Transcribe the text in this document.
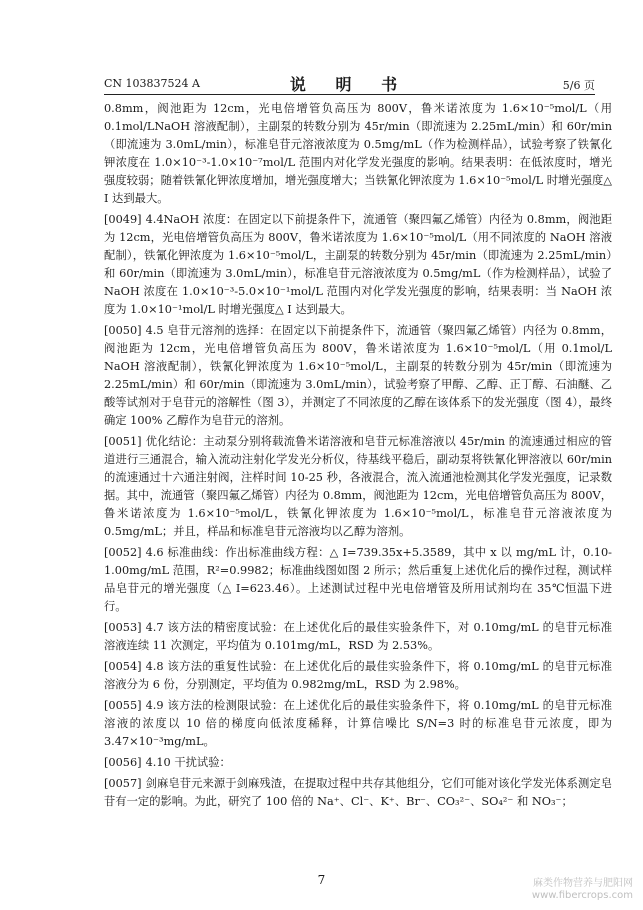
CN 103837524 A	说 明 书	5/6 页

0.8mm，阀池距为 12cm，光电倍增管负高压为 800V，鲁米诺浓度为 1.6×10⁻⁵mol/L（用 0.1mol/LNaOH 溶液配制），主副泵的转数分别为 45r/min（即流速为 2.25mL/min）和 60r/min（即流速为 3.0mL/min），标准皂苷元溶液浓度为 0.5mg/mL（作为检测样品），试验考察了铁氰化钾浓度在 1.0×10⁻³-1.0×10⁻⁷mol/L 范围内对化学发光强度的影响。结果表明：在低浓度时，增光强度较弱；随着铁氰化钾浓度增加，增光强度增大；当铁氰化钾浓度为 1.6×10⁻⁵mol/L 时增光强度△ I 达到最大。

[0049] 4.4NaOH 浓度：在固定以下前提条件下，流通管（聚四氟乙烯管）内径为 0.8mm，阀池距为 12cm，光电倍增管负高压为 800V，鲁米诺浓度为 1.6×10⁻⁵mol/L（用不同浓度的 NaOH 溶液配制），铁氰化钾浓度为 1.6×10⁻⁵mol/L，主副泵的转数分别为 45r/min（即流速为 2.25mL/min）和 60r/min（即流速为 3.0mL/min），标准皂苷元溶液浓度为 0.5mg/mL（作为检测样品），试验了 NaOH 浓度在 1.0×10⁻³-5.0×10⁻¹mol/L 范围内对化学发光强度的影响，结果表明：当 NaOH 浓度为 1.0×10⁻¹mol/L 时增光强度△ I 达到最大。

[0050] 4.5 皂苷元溶剂的选择：在固定以下前提条件下，流通管（聚四氟乙烯管）内径为 0.8mm，阀池距为 12cm，光电倍增管负高压为 800V，鲁米诺浓度为 1.6×10⁻⁵mol/L（用 0.1mol/L NaOH 溶液配制），铁氰化钾浓度为 1.6×10⁻⁵mol/L，主副泵的转数分别为 45r/min（即流速为 2.25mL/min）和 60r/min（即流速为 3.0mL/min），试验考察了甲醇、乙醇、正丁醇、石油醚、乙酸等试剂对于皂苷元的溶解性（图 3），并测定了不同浓度的乙醇在该体系下的发光强度（图 4），最终确定 100% 乙醇作为皂苷元的溶剂。

[0051] 优化结论：主动泵分别将载流鲁米诺溶液和皂苷元标准溶液以 45r/min 的流速通过相应的管道进行三通混合，输入流动注射化学发光分析仪，待基线平稳后，副动泵将铁氰化钾溶液以 60r/min 的流速通过十六通注射阀，注样时间 10-25 秒，各液混合，流入流通池检测其化学发光强度，记录数据。其中，流通管（聚四氟乙烯管）内径为 0.8mm，阀池距为 12cm，光电倍增管负高压为 800V，鲁米诺浓度为 1.6×10⁻⁵mol/L，铁氰化钾浓度为 1.6×10⁻⁵mol/L，标准皂苷元溶液浓度为 0.5mg/mL；并且，样品和标准皂苷元溶液均以乙醇为溶剂。

[0052] 4.6 标准曲线：作出标准曲线方程：△ I=739.35x+5.3589，其中 x 以 mg/mL 计，0.10-1.00mg/mL 范围，R²=0.9982；标准曲线图如图 2 所示；然后重复上述优化后的操作过程，测试样品皂苷元的增光强度（△ I=623.46）。上述测试过程中光电倍增管及所用试剂均在 35℃恒温下进行。

[0053] 4.7 该方法的精密度试验：在上述优化后的最佳实验条件下，对 0.10mg/mL 的皂苷元标准溶液连续 11 次测定，平均值为 0.101mg/mL，RSD 为 2.53%。

[0054] 4.8 该方法的重复性试验：在上述优化后的最佳实验条件下，将 0.10mg/mL 的皂苷元标准溶液分为 6 份，分别测定，平均值为 0.982mg/mL，RSD 为 2.98%。

[0055] 4.9 该方法的检测限试验：在上述优化后的最佳实验条件下，将 0.10mg/mL 的皂苷元标准溶液的浓度以 10 倍的梯度向低浓度稀释，计算信噪比 S/N=3 时的标准皂苷元浓度，即为 3.47×10⁻³mg/mL。

[0056] 4.10 干扰试验：

[0057] 剑麻皂苷元来源于剑麻残渣，在提取过程中共存其他组分，它们可能对该化学发光体系测定皂苷有一定的影响。为此，研究了 100 倍的 Na⁺、Cl⁻、K⁺、Br⁻、CO₃²⁻、SO₄²⁻ 和 NO₃⁻；

7	麻类作物营养与肥阳网
www.fibercrops.com
